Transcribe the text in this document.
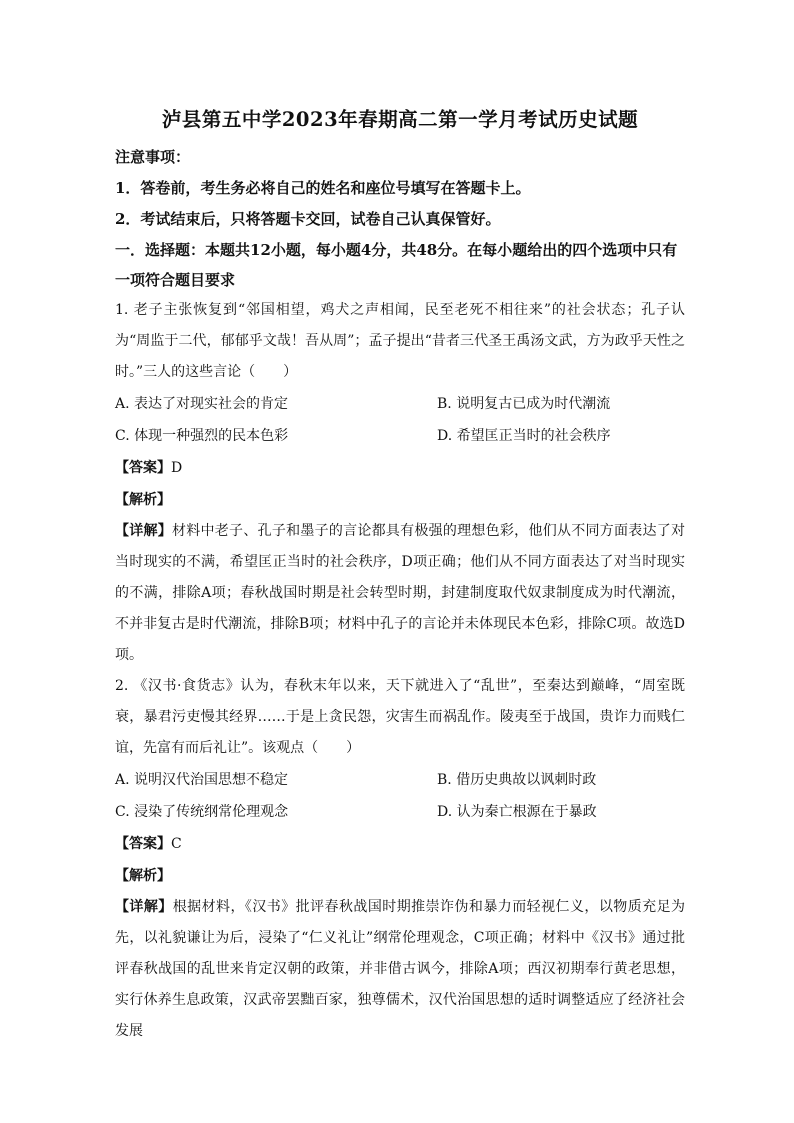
泸县第五中学2023年春期高二第一学月考试历史试题
注意事项：
1．答卷前，考生务必将自己的姓名和座位号填写在答题卡上。
2．考试结束后，只将答题卡交回，试卷自己认真保管好。
一．选择题：本题共12小题，每小题4分，共48分。在每小题给出的四个选项中只有一项符合题目要求
1. 老子主张恢复到“邻国相望，鸡犬之声相闻，民至老死不相往来”的社会状态；孔子认为“周监于二代，郁郁乎文哉！吾从周”；孟子提出“昔者三代圣王禹汤文武，方为政乎天性之时。”三人的这些言论（　　）
A. 表达了对现实社会的肯定	B. 说明复古已成为时代潮流
C. 体现一种强烈的民本色彩	D. 希望匡正当时的社会秩序
【答案】D
【解析】
【详解】材料中老子、孔子和墨子的言论都具有极强的理想色彩，他们从不同方面表达了对当时现实的不满，希望匡正当时的社会秩序，D项正确；他们从不同方面表达了对当时现实的不满，排除A项；春秋战国时期是社会转型时期，封建制度取代奴隶制度成为时代潮流，不并非复古是时代潮流，排除B项；材料中孔子的言论并未体现民本色彩，排除C项。故选D项。
2. 《汉书·食货志》认为，春秋末年以来，天下就进入了“乱世”，至秦达到巅峰，“周室既衰，暴君污吏慢其经界……于是上贪民怨，灾害生而祸乱作。陵夷至于战国，贵诈力而贱仁谊，先富有而后礼让”。该观点（　　）
A. 说明汉代治国思想不稳定	B. 借历史典故以讽刺时政
C. 浸染了传统纲常伦理观念	D. 认为秦亡根源在于暴政
【答案】C
【解析】
【详解】根据材料，《汉书》批评春秋战国时期推崇诈伪和暴力而轻视仁义，以物质充足为先，以礼貌谦让为后，浸染了“仁义礼让”纲常伦理观念，C项正确；材料中《汉书》通过批评春秋战国的乱世来肯定汉朝的政策，并非借古讽今，排除A项；西汉初期奉行黄老思想，实行休养生息政策，汉武帝罢黜百家，独尊儒术，汉代治国思想的适时调整适应了经济社会发展
